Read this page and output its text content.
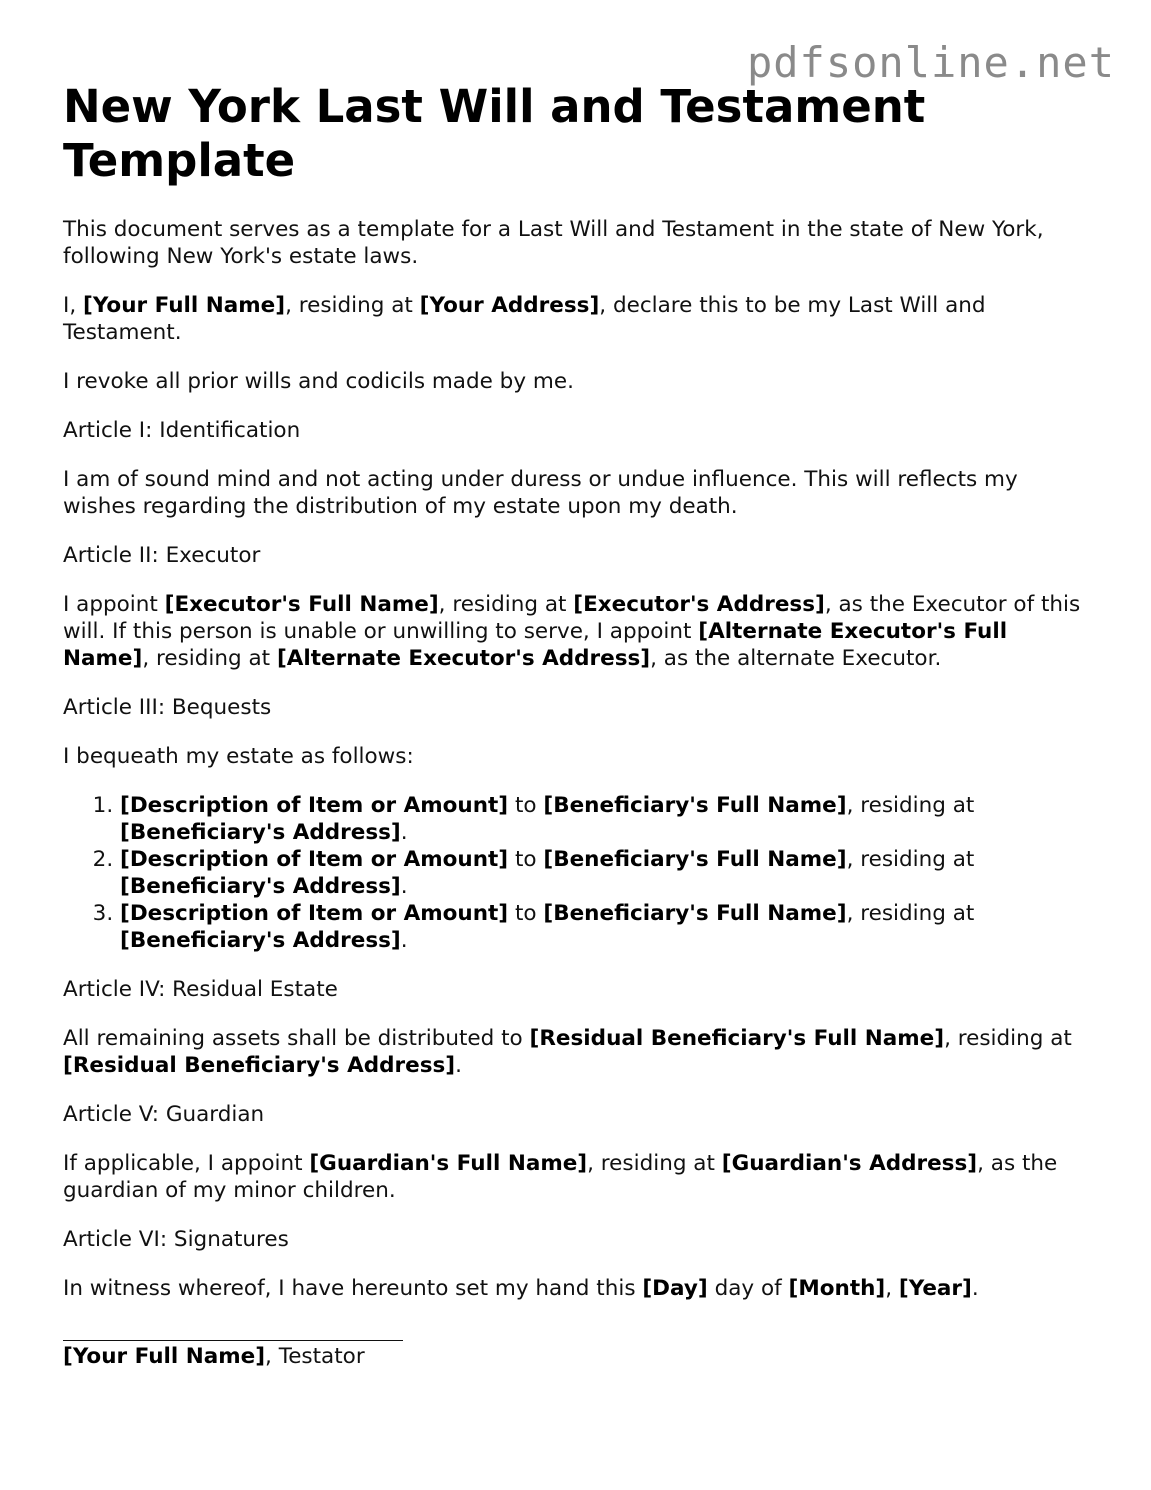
pdfsonline.net
New York Last Will and Testament Template

This document serves as a template for a Last Will and Testament in the state of New York, following New York's estate laws.

I, [Your Full Name], residing at [Your Address], declare this to be my Last Will and Testament.

I revoke all prior wills and codicils made by me.

Article I: Identification

I am of sound mind and not acting under duress or undue influence. This will reflects my wishes regarding the distribution of my estate upon my death.

Article II: Executor

I appoint [Executor's Full Name], residing at [Executor's Address], as the Executor of this will. If this person is unable or unwilling to serve, I appoint [Alternate Executor's Full Name], residing at [Alternate Executor's Address], as the alternate Executor.

Article III: Bequests

I bequeath my estate as follows:

1. [Description of Item or Amount] to [Beneficiary's Full Name], residing at [Beneficiary's Address].
2. [Description of Item or Amount] to [Beneficiary's Full Name], residing at [Beneficiary's Address].
3. [Description of Item or Amount] to [Beneficiary's Full Name], residing at [Beneficiary's Address].

Article IV: Residual Estate

All remaining assets shall be distributed to [Residual Beneficiary's Full Name], residing at [Residual Beneficiary's Address].

Article V: Guardian

If applicable, I appoint [Guardian's Full Name], residing at [Guardian's Address], as the guardian of my minor children.

Article VI: Signatures

In witness whereof, I have hereunto set my hand this [Day] day of [Month], [Year].

[Your Full Name], Testator
